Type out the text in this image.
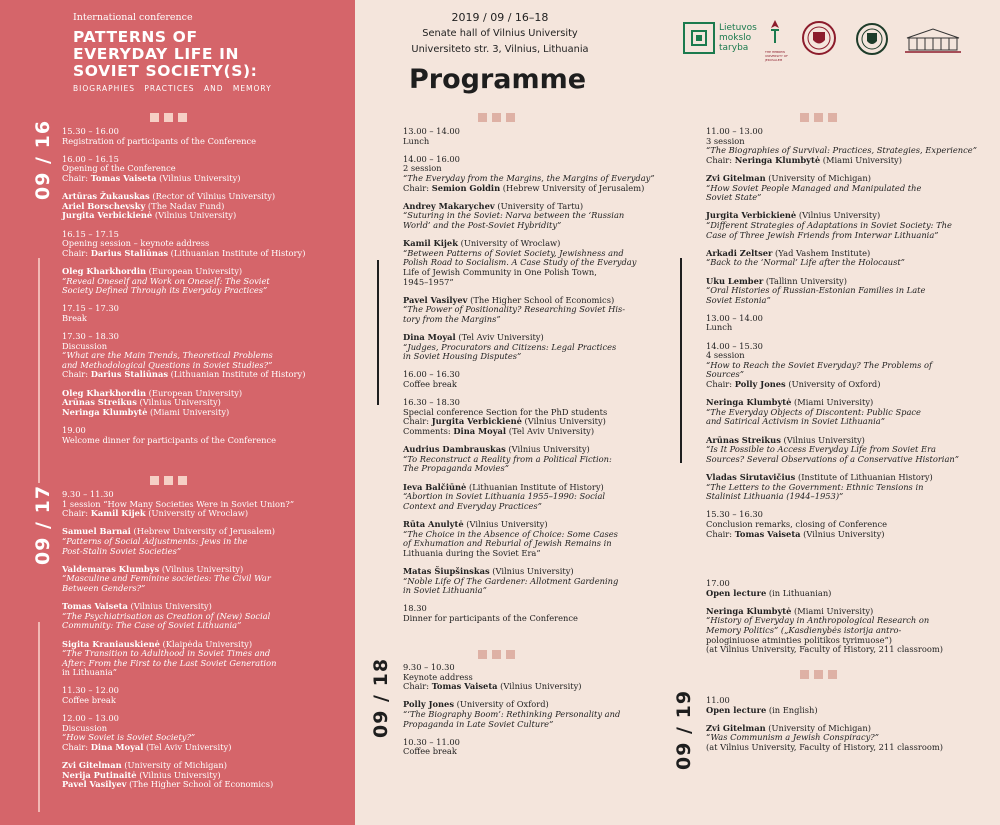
International conference
PATTERNS OF
EVERYDAY LIFE IN
SOVIET SOCIETY(S):
BIOGRAPHIES PRACTICES AND MEMORY
09 / 16 15.30 – 16.00
Registration of participants of the Conference
16.00 – 16.15
Opening of the Conference
Chair: Tomas Vaiseta (Vilnius University)
Artūras Žukauskas (Rector of Vilnius University)
Ariel Borschevsky (The Nadav Fund)
Jurgita Verbickienė (Vilnius University)
16.15 – 17.15
Opening session – keynote address
Chair: Darius Staliūnas (Lithuanian Institute of History)
Oleg Kharkhordin (European University)
“Reveal Oneself and Work on Oneself: The Soviet
Society Defined Through its Everyday Practices”
17.15 – 17.30
Break
17.30 – 18.30
Discussion
“What are the Main Trends, Theoretical Problems
and Methodological Questions in Soviet Studies?”
Chair: Darius Staliūnas (Lithuanian Institute of History)
Oleg Kharkhordin (European University)
Arūnas Streikus (Vilnius University)
Neringa Klumbytė (Miami University)
19.00
Welcome dinner for participants of the Conference
09 / 17 9.30 – 11.30
1 session “How Many Societies Were in Soviet Union?”
Chair: Kamil Kijek (University of Wroclaw)
Samuel Barnai (Hebrew University of Jerusalem)
“Patterns of Social Adjustments: Jews in the
Post-Stalin Soviet Societies”
Valdemaras Klumbys (Vilnius University)
“Masculine and Feminine societies: The Civil War
Between Genders?”
Tomas Vaiseta (Vilnius University)
“The Psychiatrisation as Creation of (New) Social
Community: The Case of Soviet Lithuania”
Sigita Kraniauskienė (Klaipėda University)
“The Transition to Adulthood in Soviet Times and
After: From the First to the Last Soviet Generation
in Lithuania”
11.30 – 12.00
Coffee break
12.00 – 13.00
Discussion
“How Soviet is Soviet Society?”
Chair: Dina Moyal (Tel Aviv University)
Zvi Gitelman (University of Michigan)
Nerija Putinaitė (Vilnius University)
Pavel Vasilyev (The Higher School of Economics)
2019 / 09 / 16–18
Senate hall of Vilnius University
Universiteto str. 3, Vilnius, Lithuania
Programme
Lietuvos
mokslo
taryba	THE HEBREW UNIVERSITY OF JERUSALEM
13.00 – 14.00
Lunch
14.00 – 16.00
2 session
“The Everyday from the Margins, the Margins of Everyday”
Chair: Semion Goldin (Hebrew University of Jerusalem)
Andrey Makarychev (University of Tartu)
“Suturing in the Soviet: Narva between the ‘Russian
World’ and the Post-Soviet Hybridity”
Kamil Kijek (University of Wroclaw)
“Between Patterns of Soviet Society, Jewishness and
Polish Road to Socialism. A Case Study of the Everyday
Life of Jewish Community in One Polish Town,
1945–1957”
Pavel Vasilyev (The Higher School of Economics)
“The Power of Positionality? Researching Soviet His-
tory from the Margins”
Dina Moyal (Tel Aviv University)
“Judges, Procurators and Citizens: Legal Practices
in Soviet Housing Disputes”
16.00 – 16.30
Coffee break
16.30 – 18.30
Special conference Section for the PhD students
Chair: Jurgita Verbickienė (Vilnius University)
Comments: Dina Moyal (Tel Aviv University)
Audrius Dambrauskas (Vilnius University)
“To Reconstruct a Reality from a Political Fiction:
The Propaganda Movies”
Ieva Balčiūnė (Lithuanian Institute of History)
“Abortion in Soviet Lithuania 1955–1990: Social
Context and Everyday Practices”
Rūta Anulytė (Vilnius University)
“The Choice in the Absence of Choice: Some Cases
of Exhumation and Reburial of Jewish Remains in
Lithuania during the Soviet Era”
Matas Šiupšinskas (Vilnius University)
“Noble Life Of The Gardener: Allotment Gardening
in Soviet Lithuania”
18.30
Dinner for participants of the Conference
09 / 18 9.30 – 10.30
Keynote address
Chair: Tomas Vaiseta (Vilnius University)
Polly Jones (University of Oxford)
“‘The Biography Boom’: Rethinking Personality and
Propaganda in Late Soviet Culture”
10.30 – 11.00
Coffee break
11.00 – 13.00
3 session
“The Biographies of Survival: Practices, Strategies, Experience”
Chair: Neringa Klumbytė (Miami University)
Zvi Gitelman (University of Michigan)
“How Soviet People Managed and Manipulated the
Soviet State”
Jurgita Verbickienė (Vilnius University)
“Different Strategies of Adaptations in Soviet Society: The
Case of Three Jewish Friends from Interwar Lithuania”
Arkadi Zeltser (Yad Vashem Institute)
“Back to the ‘Normal’ Life after the Holocaust”
Uku Lember (Tallinn University)
“Oral Histories of Russian-Estonian Families in Late
Soviet Estonia”
13.00 – 14.00
Lunch
14.00 – 15.30
4 session
“How to Reach the Soviet Everyday? The Problems of
Sources”
Chair: Polly Jones (University of Oxford)
Neringa Klumbytė (Miami University)
“The Everyday Objects of Discontent: Public Space
and Satirical Activism in Soviet Lithuania”
Arūnas Streikus (Vilnius University)
“Is It Possible to Access Everyday Life from Soviet Era
Sources? Several Observations of a Conservative Historian”
Vladas Sirutavičius (Institute of Lithuanian History)
“The Letters to the Government: Ethnic Tensions in
Stalinist Lithuania (1944–1953)”
15.30 – 16.30
Conclusion remarks, closing of Conference
Chair: Tomas Vaiseta (Vilnius University)
17.00
Open lecture (in Lithuanian)
Neringa Klumbytė (Miami University)
“History of Everyday in Anthropological Research on
Memory Politics” („Kasdienybės istorija antro-
pologiniuose atminties politikos tyrimuose”)
(at Vilnius University, Faculty of History, 211 classroom)
09 / 19 11.00
Open lecture (in English)
Zvi Gitelman (University of Michigan)
“Was Communism a Jewish Conspiracy?”
(at Vilnius University, Faculty of History, 211 classroom)
